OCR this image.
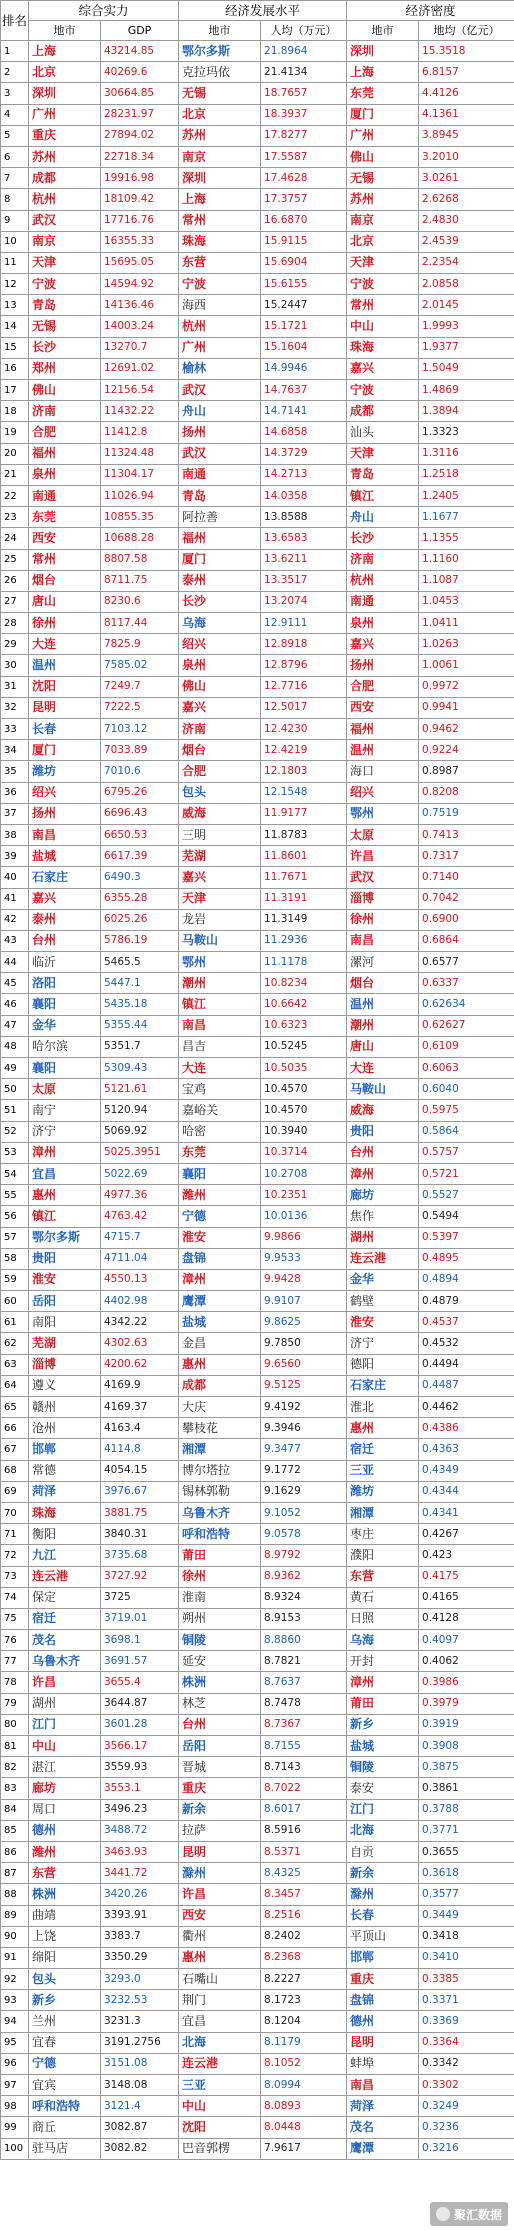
排名	综合实力		经济发展水平		经济密度	
	地市	GDP	地市	人均（万元）	地市	地均（亿元）
1	上海	43214.85	鄂尔多斯	21.8964	深圳	15.3518
2	北京	40269.6	克拉玛依	21.4134	上海	6.8157
3	深圳	30664.85	无锡	18.7657	东莞	4.4126
4	广州	28231.97	北京	18.3937	厦门	4.1361
5	重庆	27894.02	苏州	17.8277	广州	3.8945
6	苏州	22718.34	南京	17.5587	佛山	3.2010
7	成都	19916.98	深圳	17.4628	无锡	3.0261
8	杭州	18109.42	上海	17.3757	苏州	2.6268
9	武汉	17716.76	常州	16.6870	南京	2.4830
10	南京	16355.33	珠海	15.9115	北京	2.4539
11	天津	15695.05	东营	15.6904	天津	2.2354
12	宁波	14594.92	宁波	15.6155	宁波	2.0858
13	青岛	14136.46	海西	15.2447	常州	2.0145
14	无锡	14003.24	杭州	15.1721	中山	1.9993
15	长沙	13270.7	广州	15.1604	珠海	1.9377
16	郑州	12691.02	榆林	14.9946	嘉兴	1.5049
17	佛山	12156.54	武汉	14.7637	宁波	1.4869
18	济南	11432.22	舟山	14.7141	成都	1.3894
19	合肥	11412.8	扬州	14.6858	汕头	1.3323
20	福州	11324.48	武汉	14.3729	天津	1.3116
21	泉州	11304.17	南通	14.2713	青岛	1.2518
22	南通	11026.94	青岛	14.0358	镇江	1.2405
23	东莞	10855.35	阿拉善	13.8588	舟山	1.1677
24	西安	10688.28	福州	13.6583	长沙	1.1355
25	常州	8807.58	厦门	13.6211	济南	1.1160
26	烟台	8711.75	泰州	13.3517	杭州	1.1087
27	唐山	8230.6	长沙	13.2074	南通	1.0453
28	徐州	8117.44	乌海	12.9111	泉州	1.0411
29	大连	7825.9	绍兴	12.8918	嘉兴	1.0263
30	温州	7585.02	泉州	12.8796	扬州	1.0061
31	沈阳	7249.7	佛山	12.7716	合肥	0.9972
32	昆明	7222.5	嘉兴	12.5017	西安	0.9941
33	长春	7103.12	济南	12.4230	福州	0.9462
34	厦门	7033.89	烟台	12.4219	温州	0.9224
35	潍坊	7010.6	合肥	12.1803	海口	0.8987
36	绍兴	6795.26	包头	12.1548	绍兴	0.8208
37	扬州	6696.43	威海	11.9177	鄂州	0.7519
38	南昌	6650.53	三明	11.8783	太原	0.7413
39	盐城	6617.39	芜湖	11.8601	许昌	0.7317
40	石家庄	6490.3	嘉兴	11.7671	武汉	0.7140
41	嘉兴	6355.28	天津	11.3191	淄博	0.7042
42	泰州	6025.26	龙岩	11.3149	徐州	0.6900
43	台州	5786.19	马鞍山	11.2936	南昌	0.6864
44	临沂	5465.5	鄂州	11.1178	漯河	0.6577
45	洛阳	5447.1	潮州	10.8234	烟台	0.6337
46	襄阳	5435.18	镇江	10.6642	温州	0.62634
47	金华	5355.44	南昌	10.6323	潮州	0.62627
48	哈尔滨	5351.7	昌吉	10.5245	唐山	0.6109
49	襄阳	5309.43	大连	10.5035	大连	0.6063
50	太原	5121.61	宝鸡	10.4570	马鞍山	0.6040
51	南宁	5120.94	嘉峪关	10.4570	威海	0.5975
52	济宁	5069.92	哈密	10.3940	贵阳	0.5864
53	漳州	5025.3951	东莞	10.3714	台州	0.5757
54	宜昌	5022.69	襄阳	10.2708	漳州	0.5721
55	惠州	4977.36	潍州	10.2351	廊坊	0.5527
56	镇江	4763.42	宁德	10.0136	焦作	0.5494
57	鄂尔多斯	4715.7	淮安	9.9866	湖州	0.5397
58	贵阳	4711.04	盘锦	9.9533	连云港	0.4895
59	淮安	4550.13	漳州	9.9428	金华	0.4894
60	岳阳	4402.98	鹰潭	9.9107	鹤壁	0.4879
61	南阳	4342.22	盐城	9.8625	淮安	0.4537
62	芜湖	4302.63	金昌	9.7850	济宁	0.4532
63	淄博	4200.62	惠州	9.6560	德阳	0.4494
64	遵义	4169.9	成都	9.5125	石家庄	0.4487
65	赣州	4169.37	大庆	9.4192	淮北	0.4462
66	沧州	4163.4	攀枝花	9.3946	惠州	0.4386
67	邯郸	4114.8	湘潭	9.3477	宿迁	0.4363
68	常德	4054.15	博尔塔拉	9.1772	三亚	0.4349
69	菏泽	3976.67	锡林郭勒	9.1629	潍坊	0.4344
70	珠海	3881.75	乌鲁木齐	9.1052	湘潭	0.4341
71	衡阳	3840.31	呼和浩特	9.0578	枣庄	0.4267
72	九江	3735.68	莆田	8.9792	濮阳	0.423
73	连云港	3727.92	徐州	8.9362	东营	0.4175
74	保定	3725	淮南	8.9324	黄石	0.4165
75	宿迁	3719.01	朔州	8.9153	日照	0.4128
76	茂名	3698.1	铜陵	8.8860	乌海	0.4097
77	乌鲁木齐	3691.57	延安	8.7821	开封	0.4062
78	许昌	3655.4	株洲	8.7637	漳州	0.3986
79	湖州	3644.87	林芝	8.7478	莆田	0.3979
80	江门	3601.28	台州	8.7367	新乡	0.3919
81	中山	3566.17	岳阳	8.7155	盐城	0.3908
82	湛江	3559.93	晋城	8.7143	铜陵	0.3875
83	廊坊	3553.1	重庆	8.7022	泰安	0.3861
84	周口	3496.23	新余	8.6017	江门	0.3788
85	德州	3488.72	拉萨	8.5916	北海	0.3771
86	潍州	3463.93	昆明	8.5371	自贡	0.3655
87	东营	3441.72	滁州	8.4325	新余	0.3618
88	株洲	3420.26	许昌	8.3457	滁州	0.3577
89	曲靖	3393.91	西安	8.2516	长春	0.3449
90	上饶	3383.7	衢州	8.2402	平顶山	0.3418
91	绵阳	3350.29	惠州	8.2368	邯郸	0.3410
92	包头	3293.0	石嘴山	8.2227	重庆	0.3385
93	新乡	3232.53	荆门	8.1723	盘锦	0.3371
94	兰州	3231.3	宜昌	8.1204	德州	0.3369
95	宜春	3191.2756	北海	8.1179	昆明	0.3364
96	宁德	3151.08	连云港	8.1052	蚌埠	0.3342
97	宜宾	3148.08	三亚	8.0994	南昌	0.3302
98	呼和浩特	3121.4	中山	8.0893	菏泽	0.3249
99	商丘	3082.87	沈阳	8.0448	茂名	0.3236
100	驻马店	3082.82	巴音郭楞	7.9617	鹰潭	0.3216
聚汇数据
